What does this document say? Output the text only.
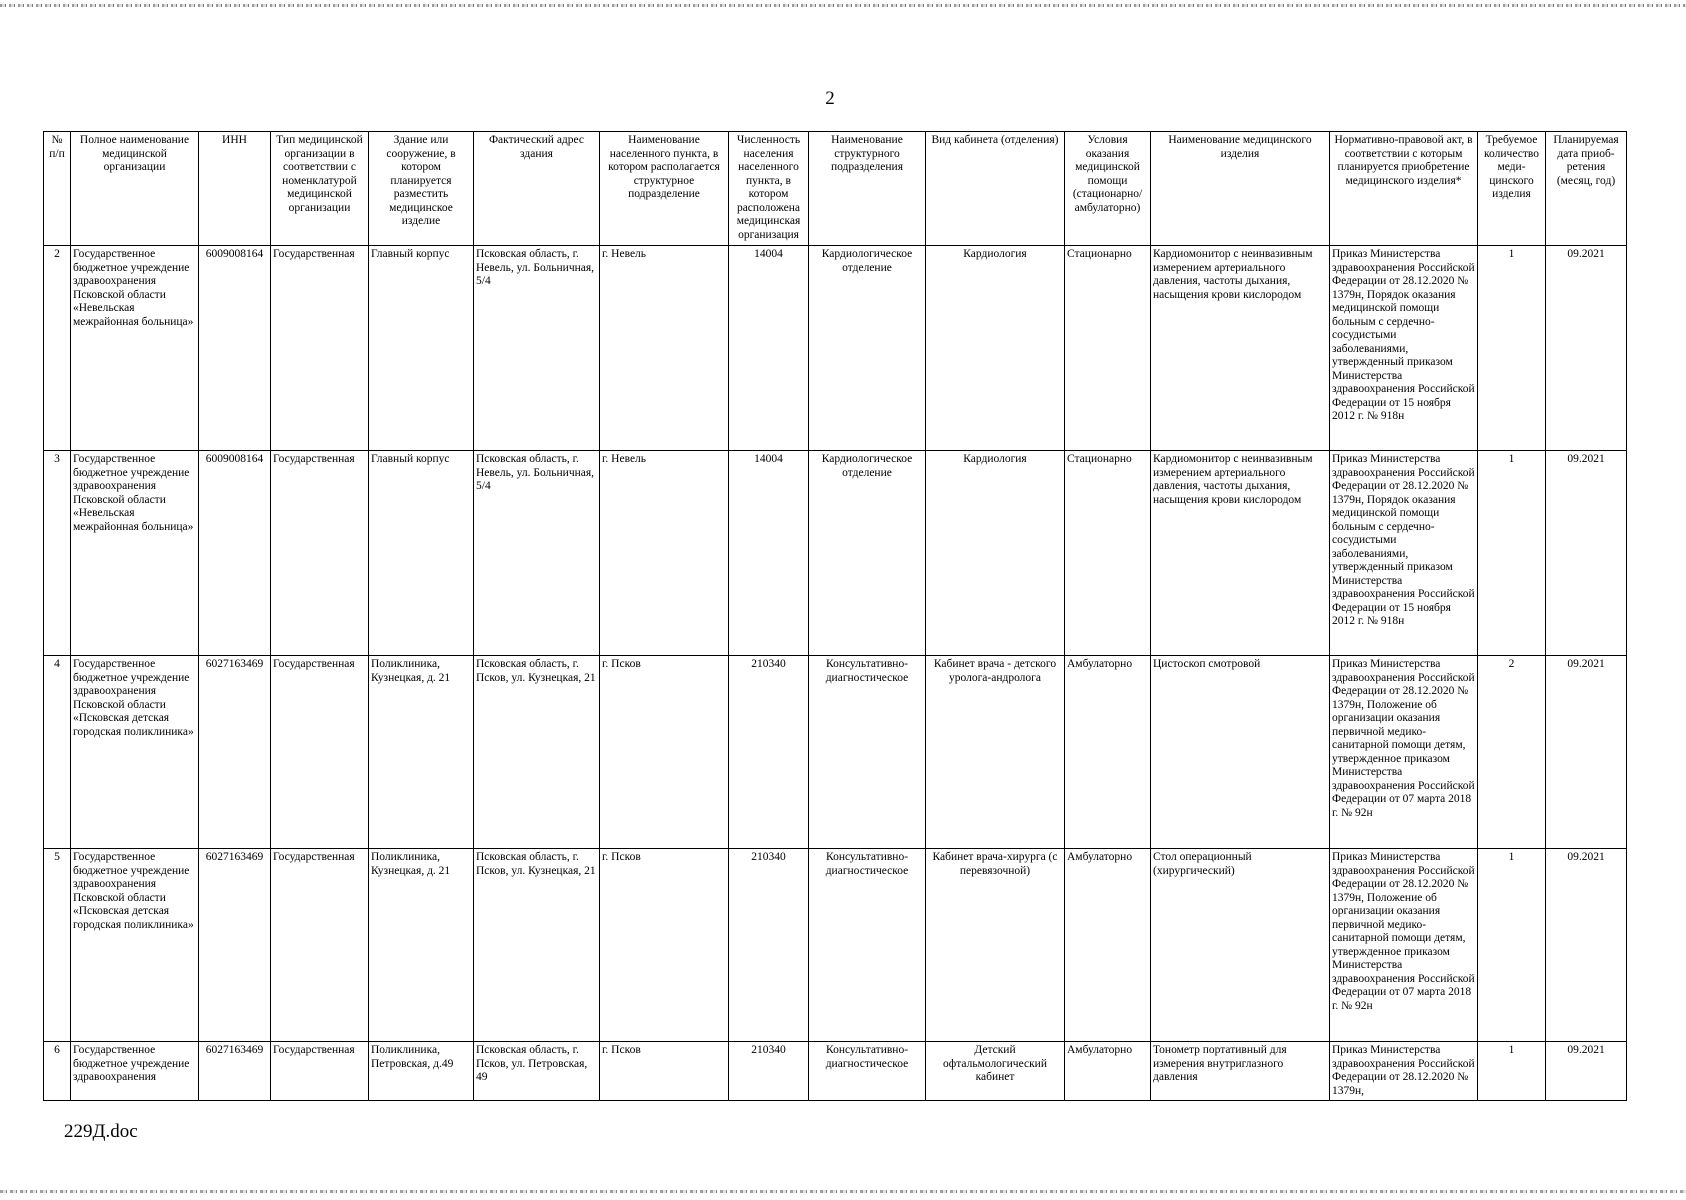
2
№ п/п	Полное наименование медицинской организации	ИНН	Тип медицинской организации в соответствии с номенклатурой медицинской организации	Здание или сооружение, в котором планируется разместить медицинское изделие	Фактический адрес здания	Наименование населенного пункта, в котором располагается структурное подразделение	Численность населения населенного пункта, в котором расположена медицинская организация	Наименование структурного подразделения	Вид кабинета (отделения)	Условия оказания медицинской помощи (стационарно/ амбулаторно)	Наименование медицинского изделия	Нормативно-правовой акт, в соответствии с которым планируется приобретение медицинского изделия*	Требуемое количество меди-цинского изделия	Планируемая дата приоб-ретения (месяц, год)
2	Государственное бюджетное учреждение здравоохранения Псковской области «Невельская межрайонная больница»	6009008164	Государственная	Главный корпус	Псковская область, г. Невель, ул. Больничная, 5/4	г. Невель	14004	Кардиологическое отделение	Кардиология	Стационарно	Кардиомонитор с неинвазивным измерением артериального давления, частоты дыхания, насыщения крови кислородом	Приказ Министерства здравоохранения Российской Федерации от 28.12.2020 № 1379н, Порядок оказания медицинской помощи больным с сердечно-сосудистыми заболеваниями, утвержденный приказом Министерства здравоохранения Российской Федерации от 15 ноября 2012 г. № 918н	1	09.2021
3	Государственное бюджетное учреждение здравоохранения Псковской области «Невельская межрайонная больница»	6009008164	Государственная	Главный корпус	Псковская область, г. Невель, ул. Больничная, 5/4	г. Невель	14004	Кардиологическое отделение	Кардиология	Стационарно	Кардиомонитор с неинвазивным измерением артериального давления, частоты дыхания, насыщения крови кислородом	Приказ Министерства здравоохранения Российской Федерации от 28.12.2020 № 1379н, Порядок оказания медицинской помощи больным с сердечно-сосудистыми заболеваниями, утвержденный приказом Министерства здравоохранения Российской Федерации от 15 ноября 2012 г. № 918н	1	09.2021
4	Государственное бюджетное учреждение здравоохранения Псковской области «Псковская детская городская поликлиника»	6027163469	Государственная	Поликлиника, Кузнецкая, д. 21	Псковская область, г. Псков, ул. Кузнецкая, 21	г. Псков	210340	Консультативно-диагностическое	Кабинет врача - детского уролога-андролога	Амбулаторно	Цистоскоп смотровой	Приказ Министерства здравоохранения Российской Федерации от 28.12.2020 № 1379н, Положение об организации оказания первичной медико-санитарной помощи детям, утвержденное приказом Министерства здравоохранения Российской Федерации от 07 марта 2018 г. № 92н	2	09.2021
5	Государственное бюджетное учреждение здравоохранения Псковской области «Псковская детская городская поликлиника»	6027163469	Государственная	Поликлиника, Кузнецкая, д. 21	Псковская область, г. Псков, ул. Кузнецкая, 21	г. Псков	210340	Консультативно-диагностическое	Кабинет врача-хирурга (с перевязочной)	Амбулаторно	Стол операционный (хирургический)	Приказ Министерства здравоохранения Российской Федерации от 28.12.2020 № 1379н, Положение об организации оказания первичной медико-санитарной помощи детям, утвержденное приказом Министерства здравоохранения Российской Федерации от 07 марта 2018 г. № 92н	1	09.2021
6	Государственное бюджетное учреждение здравоохранения	6027163469	Государственная	Поликлиника, Петровская, д.49	Псковская область, г. Псков, ул. Петровская, 49	г. Псков	210340	Консультативно-диагностическое	Детский офтальмологический кабинет	Амбулаторно	Тонометр портативный для измерения внутриглазного давления	Приказ Министерства здравоохранения Российской Федерации от 28.12.2020 № 1379н,	1	09.2021
229Д.doc
